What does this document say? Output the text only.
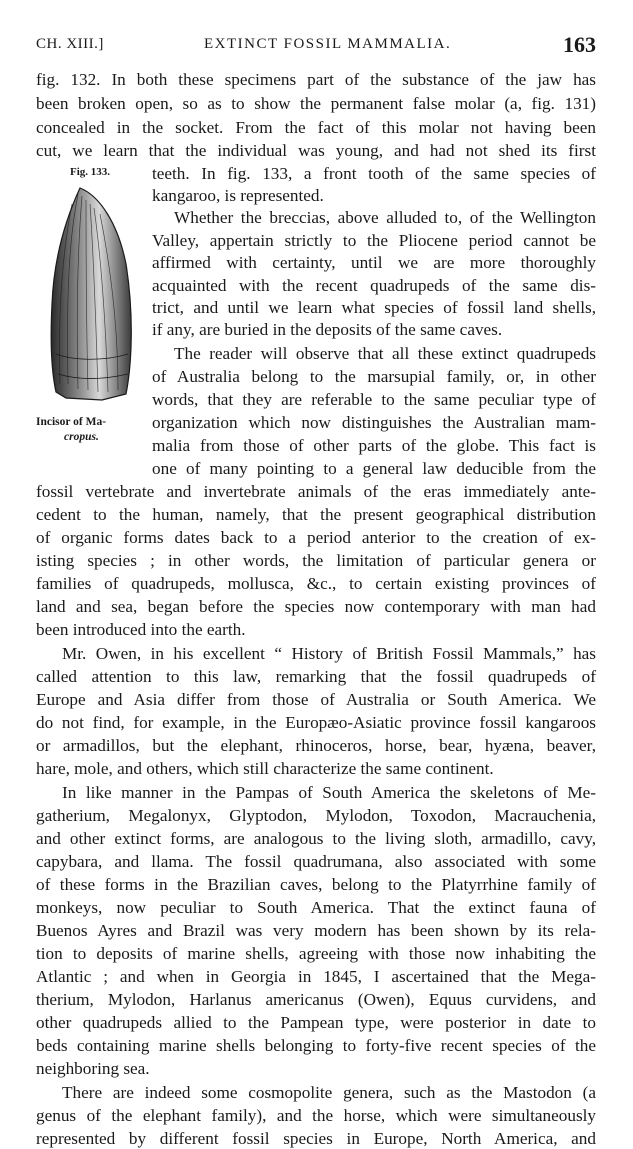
CH. XIII.]	EXTINCT FOSSIL MAMMALIA.	163
Fig. 133.
Incisor of Ma-
cropus.
fig. 132. In both these specimens part of the substance of the jaw has
been broken open, so as to show the permanent false molar (a, fig. 131)
concealed in the socket. From the fact of this molar not having been
cut, we learn that the individual was young, and had not shed its first
teeth. In fig. 133, a front tooth of the same species of
kangaroo, is represented.
Whether the breccias, above alluded to, of the Wellington
Valley, appertain strictly to the Pliocene period cannot be
affirmed with certainty, until we are more thoroughly
acquainted with the recent quadrupeds of the same dis-
trict, and until we learn what species of fossil land shells,
if any, are buried in the deposits of the same caves.
The reader will observe that all these extinct quadrupeds
of Australia belong to the marsupial family, or, in other
words, that they are referable to the same peculiar type of
organization which now distinguishes the Australian mam-
malia from those of other parts of the globe. This fact is
one of many pointing to a general law deducible from the
fossil vertebrate and invertebrate animals of the eras immediately ante-
cedent to the human, namely, that the present geographical distribution
of organic forms dates back to a period anterior to the creation of ex-
isting species ; in other words, the limitation of particular genera or
families of quadrupeds, mollusca, &c., to certain existing provinces of
land and sea, began before the species now contemporary with man had
been introduced into the earth.
Mr. Owen, in his excellent “ History of British Fossil Mammals,” has
called attention to this law, remarking that the fossil quadrupeds of
Europe and Asia differ from those of Australia or South America. We
do not find, for example, in the Europæo-Asiatic province fossil kangaroos
or armadillos, but the elephant, rhinoceros, horse, bear, hyæna, beaver,
hare, mole, and others, which still characterize the same continent.
In like manner in the Pampas of South America the skeletons of Me-
gatherium, Megalonyx, Glyptodon, Mylodon, Toxodon, Macrauchenia,
and other extinct forms, are analogous to the living sloth, armadillo, cavy,
capybara, and llama. The fossil quadrumana, also associated with some
of these forms in the Brazilian caves, belong to the Platyrrhine family of
monkeys, now peculiar to South America. That the extinct fauna of
Buenos Ayres and Brazil was very modern has been shown by its rela-
tion to deposits of marine shells, agreeing with those now inhabiting the
Atlantic ; and when in Georgia in 1845, I ascertained that the Mega-
therium, Mylodon, Harlanus americanus (Owen), Equus curvidens, and
other quadrupeds allied to the Pampean type, were posterior in date to
beds containing marine shells belonging to forty-five recent species of the
neighboring sea.
There are indeed some cosmopolite genera, such as the Mastodon (a
genus of the elephant family), and the horse, which were simultaneously
represented by different fossil species in Europe, North America, and
